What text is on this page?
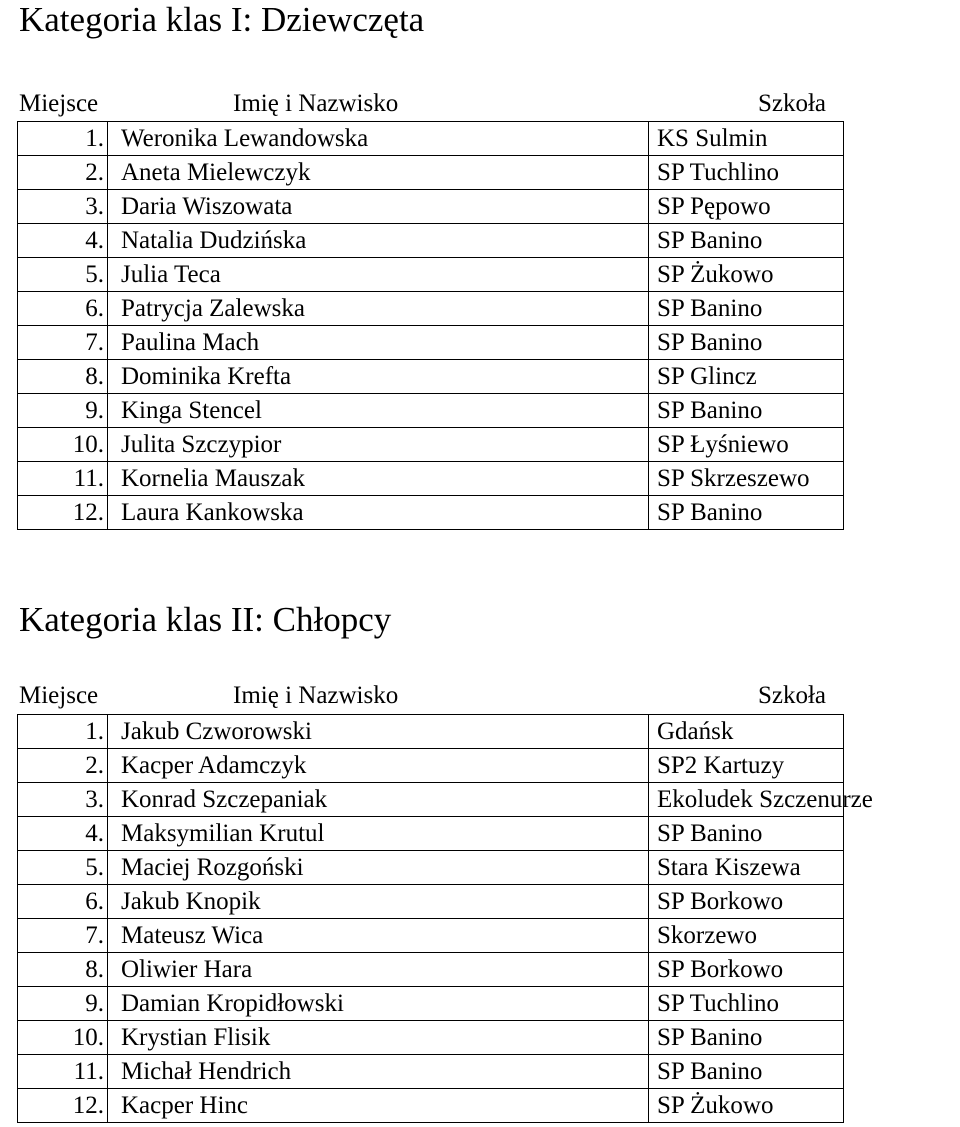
Kategoria klas I: Dziewczęta
Miejsce	Imię i Nazwisko	Szkoła
1.	Weronika Lewandowska	KS Sulmin
2.	Aneta Mielewczyk	SP Tuchlino
3.	Daria Wiszowata	SP Pępowo
4.	Natalia Dudzińska	SP Banino
5.	Julia Teca	SP Żukowo
6.	Patrycja Zalewska	SP Banino
7.	Paulina Mach	SP Banino
8.	Dominika Krefta	SP Glincz
9.	Kinga Stencel	SP Banino
10.	Julita Szczypior	SP Łyśniewo
11.	Kornelia Mauszak	SP Skrzeszewo
12.	Laura Kankowska	SP Banino
Kategoria klas II: Chłopcy
Miejsce	Imię i Nazwisko	Szkoła
1.	Jakub Czworowski	Gdańsk
2.	Kacper Adamczyk	SP2 Kartuzy
3.	Konrad Szczepaniak	Ekoludek Szczenurze
4.	Maksymilian Krutul	SP Banino
5.	Maciej Rozgoński	Stara Kiszewa
6.	Jakub Knopik	SP Borkowo
7.	Mateusz Wica	Skorzewo
8.	Oliwier Hara	SP Borkowo
9.	Damian Kropidłowski	SP Tuchlino
10.	Krystian Flisik	SP Banino
11.	Michał Hendrich	SP Banino
12.	Kacper Hinc	SP Żukowo
